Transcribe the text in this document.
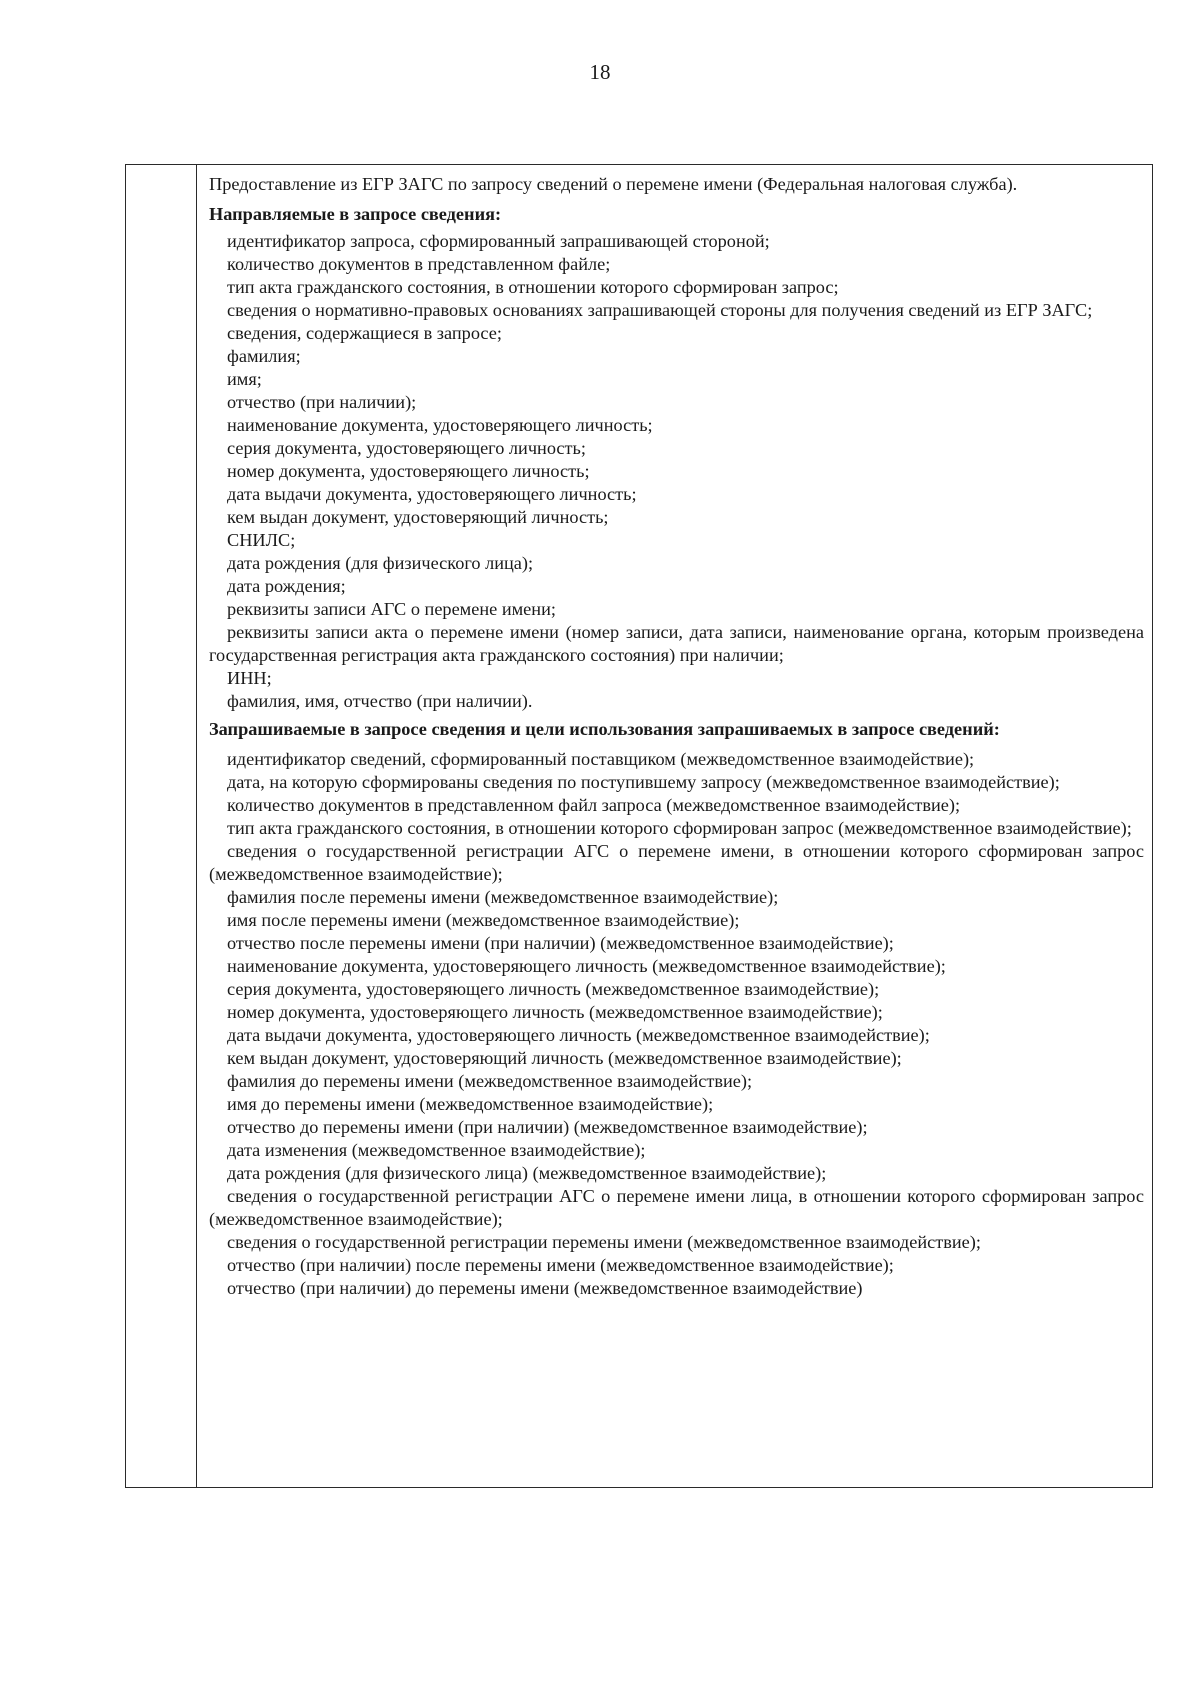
18

Предоставление из ЕГР ЗАГС по запросу сведений о перемене имени (Федеральная налоговая служба).

Направляемые в запросе сведения:

идентификатор запроса, сформированный запрашивающей стороной;

количество документов в представленном файле;

тип акта гражданского состояния, в отношении которого сформирован запрос;

сведения о нормативно-правовых основаниях запрашивающей стороны для получения сведений из ЕГР ЗАГС;

сведения, содержащиеся в запросе;

фамилия;

имя;

отчество (при наличии);

наименование документа, удостоверяющего личность;

серия документа, удостоверяющего личность;

номер документа, удостоверяющего личность;

дата выдачи документа, удостоверяющего личность;

кем выдан документ, удостоверяющий личность;

СНИЛС;

дата рождения (для физического лица);

дата рождения;

реквизиты записи АГС о перемене имени;

реквизиты записи акта о перемене имени (номер записи, дата записи, наименование органа, которым произведена государственная регистрация акта гражданского состояния) при наличии;

ИНН;

фамилия, имя, отчество (при наличии).

Запрашиваемые в запросе сведения и цели использования запрашиваемых в запросе сведений:

идентификатор сведений, сформированный поставщиком (межведомственное взаимодействие);

дата, на которую сформированы сведения по поступившему запросу (межведомственное взаимодействие);

количество документов в представленном файл запроса (межведомственное взаимодействие);

тип акта гражданского состояния, в отношении которого сформирован запрос (межведомственное взаимодействие);

сведения о государственной регистрации АГС о перемене имени, в отношении которого сформирован запрос (межведомственное взаимодействие);

фамилия после перемены имени (межведомственное взаимодействие);

имя после перемены имени (межведомственное взаимодействие);

отчество после перемены имени (при наличии) (межведомственное взаимодействие);

наименование документа, удостоверяющего личность (межведомственное взаимодействие);

серия документа, удостоверяющего личность (межведомственное взаимодействие);

номер документа, удостоверяющего личность (межведомственное взаимодействие);

дата выдачи документа, удостоверяющего личность (межведомственное взаимодействие);

кем выдан документ, удостоверяющий личность (межведомственное взаимодействие);

фамилия до перемены имени (межведомственное взаимодействие);

имя до перемены имени (межведомственное взаимодействие);

отчество до перемены имени (при наличии) (межведомственное взаимодействие);

дата изменения (межведомственное взаимодействие);

дата рождения (для физического лица) (межведомственное взаимодействие);

сведения о государственной регистрации АГС о перемене имени лица, в отношении которого сформирован запрос (межведомственное взаимодействие);

сведения о государственной регистрации перемены имени (межведомственное взаимодействие);

отчество (при наличии) после перемены имени (межведомственное взаимодействие);

отчество (при наличии) до перемены имени (межведомственное взаимодействие)
